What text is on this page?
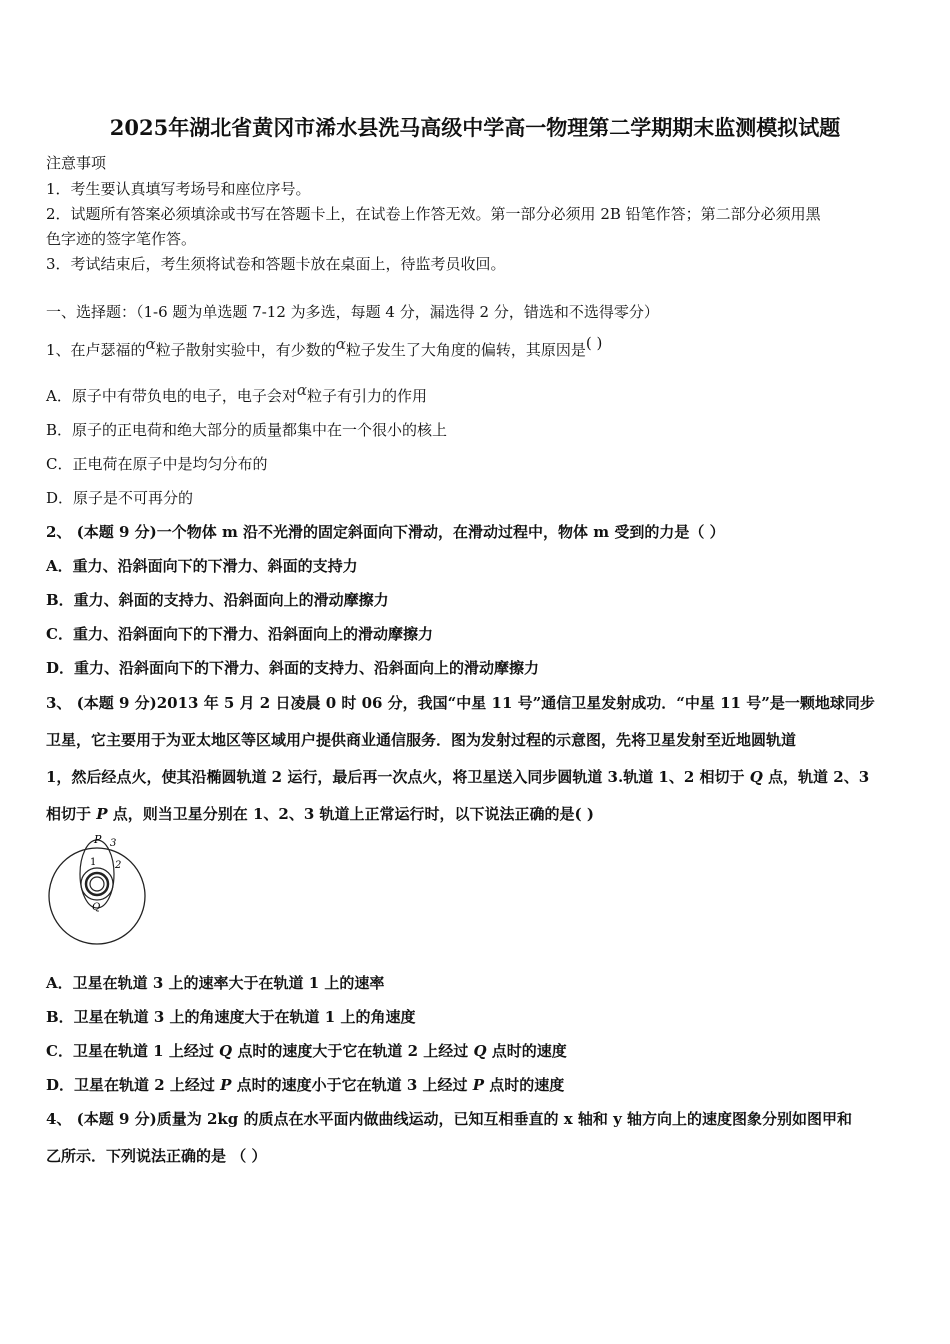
2025年湖北省黄冈市浠水县洗马高级中学高一物理第二学期期末监测模拟试题
注意事项
1．考生要认真填写考场号和座位序号。
2．试题所有答案必须填涂或书写在答题卡上，在试卷上作答无效。第一部分必须用 2B 铅笔作答；第二部分必须用黑
色字迹的签字笔作答。
3．考试结束后，考生须将试卷和答题卡放在桌面上，待监考员收回。
一、选择题：（1-6 题为单选题 7-12 为多选，每题 4 分，漏选得 2 分，错选和不选得零分）
1、在卢瑟福的α粒子散射实验中，有少数的α粒子发生了大角度的偏转，其原因是( )
A．原子中有带负电的电子，电子会对α粒子有引力的作用
B．原子的正电荷和绝大部分的质量都集中在一个很小的核上
C．正电荷在原子中是均匀分布的
D．原子是不可再分的
2、 (本题 9 分)一个物体 m 沿不光滑的固定斜面向下滑动，在滑动过程中，物体 m 受到的力是（ ）
A．重力、沿斜面向下的下滑力、斜面的支持力
B．重力、斜面的支持力、沿斜面向上的滑动摩擦力
C．重力、沿斜面向下的下滑力、沿斜面向上的滑动摩擦力
D．重力、沿斜面向下的下滑力、斜面的支持力、沿斜面向上的滑动摩擦力
3、 (本题 9 分)2013 年 5 月 2 日凌晨 0 时 06 分，我国“中星 11 号”通信卫星发射成功．“中星 11 号”是一颗地球同步
卫星，它主要用于为亚太地区等区域用户提供商业通信服务．图为发射过程的示意图，先将卫星发射至近地圆轨道
1，然后经点火，使其沿椭圆轨道 2 运行，最后再一次点火，将卫星送入同步圆轨道 3.轨道 1、2 相切于 Q 点，轨道 2、3
相切于 P 点，则当卫星分别在 1、2、3 轨道上正常运行时，以下说法正确的是( )
P 3
1 2
Q
A．卫星在轨道 3 上的速率大于在轨道 1 上的速率
B．卫星在轨道 3 上的角速度大于在轨道 1 上的角速度
C．卫星在轨道 1 上经过 Q 点时的速度大于它在轨道 2 上经过 Q 点时的速度
D．卫星在轨道 2 上经过 P 点时的速度小于它在轨道 3 上经过 P 点时的速度
4、 (本题 9 分)质量为 2kg 的质点在水平面内做曲线运动，已知互相垂直的 x 轴和 y 轴方向上的速度图象分别如图甲和
乙所示．下列说法正确的是 （ ）
